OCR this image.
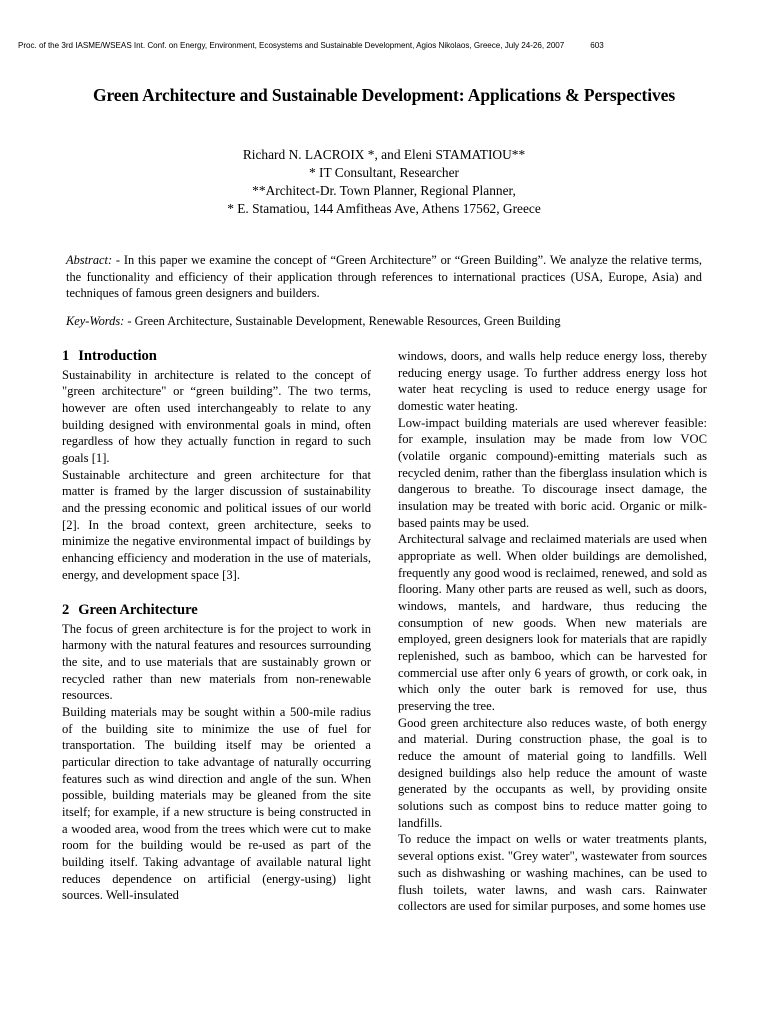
Proc. of the 3rd IASME/WSEAS Int. Conf. on Energy, Environment, Ecosystems and Sustainable Development, Agios Nikolaos, Greece, July 24-26, 2007	603
Green Architecture and Sustainable Development: Applications & Perspectives
Richard N. LACROIX *, and Eleni STAMATIOU**
* IT Consultant, Researcher
**Architect-Dr. Town Planner, Regional Planner,
* E. Stamatiou, 144 Amfitheas Ave, Athens 17562, Greece
Abstract: - In this paper we examine the concept of “Green Architecture” or “Green Building”. We analyze the relative terms, the functionality and efficiency of their application through references to international practices (USA, Europe, Asia) and techniques of famous green designers and builders.
Key-Words: - Green Architecture, Sustainable Development, Renewable Resources, Green Building
1 Introduction

Sustainability in architecture is related to the concept of "green architecture" or “green building”. The two terms, however are often used interchangeably to relate to any building designed with environmental goals in mind, often regardless of how they actually function in regard to such goals [1].

Sustainable architecture and green architecture for that matter is framed by the larger discussion of sustainability and the pressing economic and political issues of our world [2]. In the broad context, green architecture, seeks to minimize the negative environmental impact of buildings by enhancing efficiency and moderation in the use of materials, energy, and development space [3].

2 Green Architecture

The focus of green architecture is for the project to work in harmony with the natural features and resources surrounding the site, and to use materials that are sustainably grown or recycled rather than new materials from non-renewable resources.

Building materials may be sought within a 500-mile radius of the building site to minimize the use of fuel for transportation. The building itself may be oriented a particular direction to take advantage of naturally occurring features such as wind direction and angle of the sun. When possible, building materials may be gleaned from the site itself; for example, if a new structure is being constructed in a wooded area, wood from the trees which were cut to make room for the building would be re-used as part of the building itself. Taking advantage of available natural light reduces dependence on artificial (energy-using) light sources. Well-insulated

windows, doors, and walls help reduce energy loss, thereby reducing energy usage. To further address energy loss hot water heat recycling is used to reduce energy usage for domestic water heating.

Low-impact building materials are used wherever feasible: for example, insulation may be made from low VOC (volatile organic compound)-emitting materials such as recycled denim, rather than the fiberglass insulation which is dangerous to breathe. To discourage insect damage, the insulation may be treated with boric acid. Organic or milk-based paints may be used.

Architectural salvage and reclaimed materials are used when appropriate as well. When older buildings are demolished, frequently any good wood is reclaimed, renewed, and sold as flooring. Many other parts are reused as well, such as doors, windows, mantels, and hardware, thus reducing the consumption of new goods. When new materials are employed, green designers look for materials that are rapidly replenished, such as bamboo, which can be harvested for commercial use after only 6 years of growth, or cork oak, in which only the outer bark is removed for use, thus preserving the tree.

Good green architecture also reduces waste, of both energy and material. During construction phase, the goal is to reduce the amount of material going to landfills. Well designed buildings also help reduce the amount of waste generated by the occupants as well, by providing onsite solutions such as compost bins to reduce matter going to landfills.

To reduce the impact on wells or water treatments plants, several options exist. "Grey water", wastewater from sources such as dishwashing or washing machines, can be used to flush toilets, water lawns, and wash cars. Rainwater collectors are used for similar purposes, and some homes use
